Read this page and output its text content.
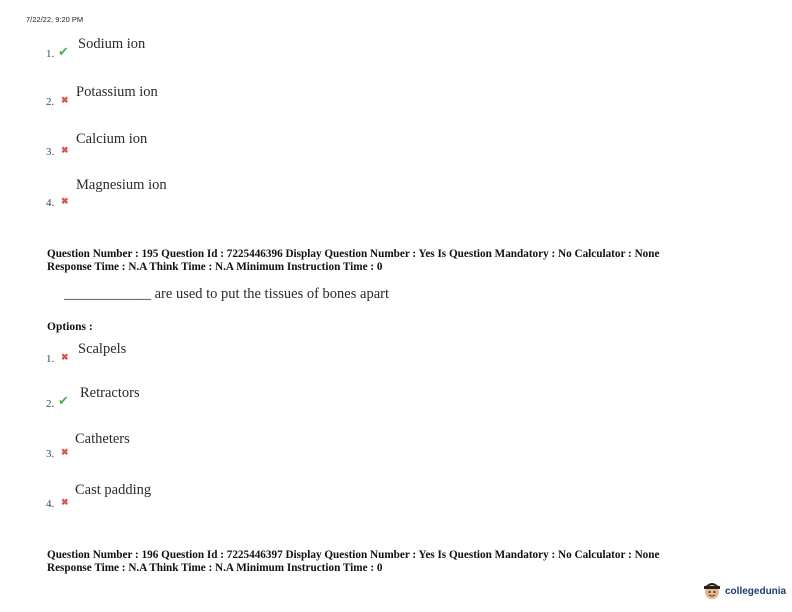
7/22/22, 9:20 PM
1. ✔ Sodium ion
2. ✖ Potassium ion
3. ✖
Calcium ion
4. ✖
Magnesium ion
Question Number : 195 Question Id : 7225446396 Display Question Number : Yes Is Question Mandatory : No Calculator : None
Response Time : N.A Think Time : N.A Minimum Instruction Time : 0
____________ are used to put the tissues of bones apart
Options :
1. ✖ Scalpels
2. ✔ Retractors
3. ✖
Catheters
4. ✖
Cast padding
Question Number : 196 Question Id : 7225446397 Display Question Number : Yes Is Question Mandatory : No Calculator : None
Response Time : N.A Think Time : N.A Minimum Instruction Time : 0
collegedunia
